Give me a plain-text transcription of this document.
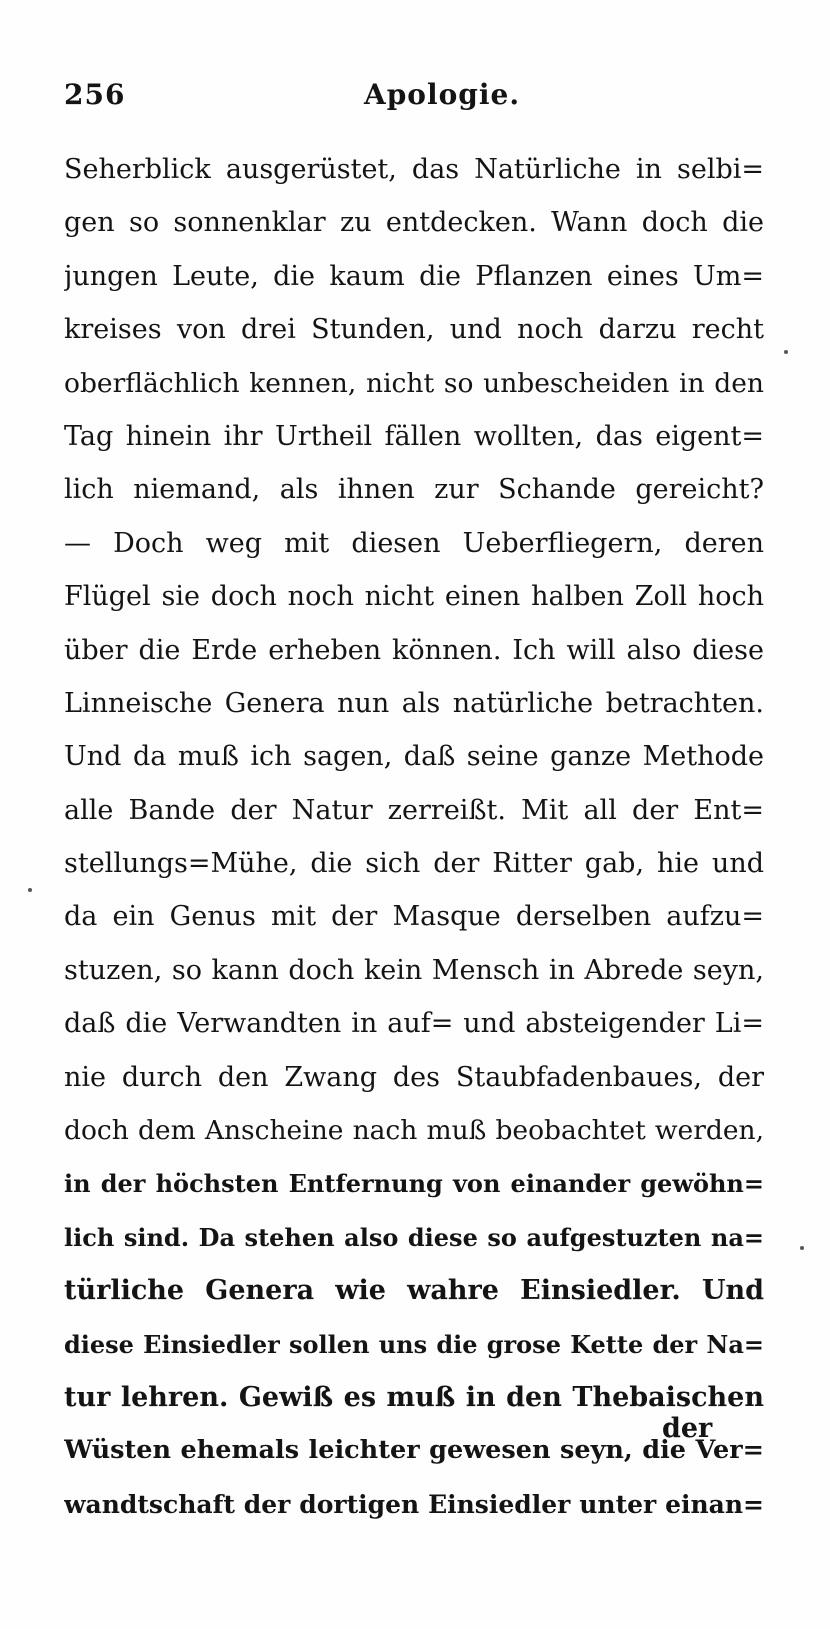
256	Apologie.
Seherblick ausgerüstet, das Natürliche in selbi=
gen so sonnenklar zu entdecken. Wann doch die
jungen Leute, die kaum die Pflanzen eines Um=
kreises von drei Stunden, und noch darzu recht
oberflächlich kennen, nicht so unbescheiden in den
Tag hinein ihr Urtheil fällen wollten, das eigent=
lich niemand, als ihnen zur Schande gereicht?
— Doch weg mit diesen Ueberfliegern, deren
Flügel sie doch noch nicht einen halben Zoll hoch
über die Erde erheben können. Ich will also diese
Linneische Genera nun als natürliche betrachten.
Und da muß ich sagen, daß seine ganze Methode
alle Bande der Natur zerreißt. Mit all der Ent=
stellungs=Mühe, die sich der Ritter gab, hie und
da ein Genus mit der Masque derselben aufzu=
stuzen, so kann doch kein Mensch in Abrede seyn,
daß die Verwandten in auf= und absteigender Li=
nie durch den Zwang des Staubfadenbaues, der
doch dem Anscheine nach muß beobachtet werden,
in der höchsten Entfernung von einander gewöhn=
lich sind. Da stehen also diese so aufgestuzten na=
türliche Genera wie wahre Einsiedler. Und
diese Einsiedler sollen uns die grose Kette der Na=
tur lehren. Gewiß es muß in den Thebaischen
Wüsten ehemals leichter gewesen seyn, die Ver=
wandtschaft der dortigen Einsiedler unter einan=
der
